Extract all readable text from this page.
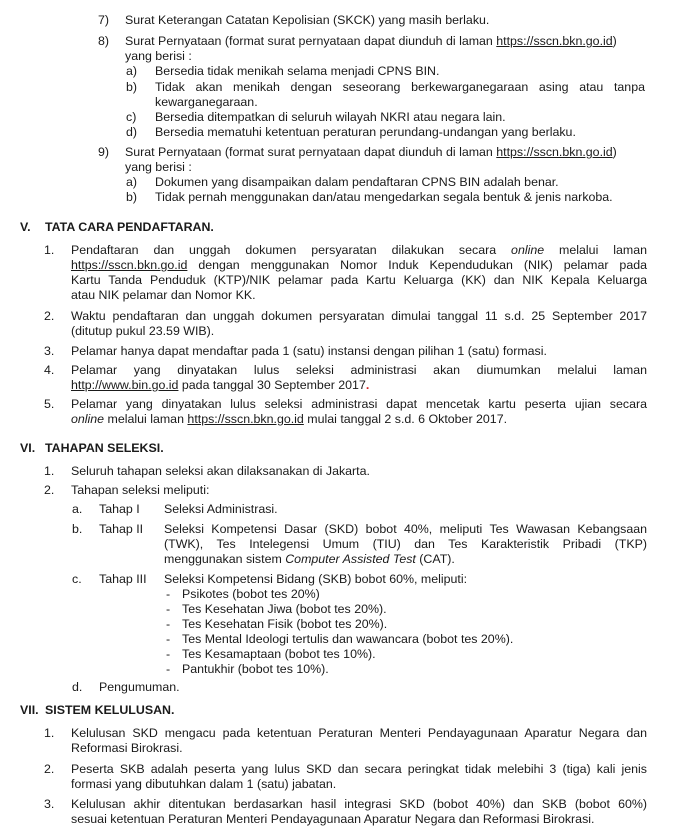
7) Surat Keterangan Catatan Kepolisian (SKCK) yang masih berlaku.
8) Surat Pernyataan (format surat pernyataan dapat diunduh di laman https://sscn.bkn.go.id)
yang berisi :
a) Bersedia tidak menikah selama menjadi CPNS BIN.
b) Tidak akan menikah dengan seseorang berkewarganegaraan asing atau tanpa
kewarganegaraan.
c) Bersedia ditempatkan di seluruh wilayah NKRI atau negara lain.
d) Bersedia mematuhi ketentuan peraturan perundang-undangan yang berlaku.
9) Surat Pernyataan (format surat pernyataan dapat diunduh di laman https://sscn.bkn.go.id)
yang berisi :
a) Dokumen yang disampaikan dalam pendaftaran CPNS BIN adalah benar.
b) Tidak pernah menggunakan dan/atau mengedarkan segala bentuk & jenis narkoba.
V. TATA CARA PENDAFTARAN.
1. Pendaftaran dan unggah dokumen persyaratan dilakukan secara online melalui laman
https://sscn.bkn.go.id dengan menggunakan Nomor Induk Kependudukan (NIK) pelamar pada
Kartu Tanda Penduduk (KTP)/NIK pelamar pada Kartu Keluarga (KK) dan NIK Kepala Keluarga
atau NIK pelamar dan Nomor KK.
2. Waktu pendaftaran dan unggah dokumen persyaratan dimulai tanggal 11 s.d. 25 September 2017
(ditutup pukul 23.59 WIB).
3. Pelamar hanya dapat mendaftar pada 1 (satu) instansi dengan pilihan 1 (satu) formasi.
4. Pelamar yang dinyatakan lulus seleksi administrasi akan diumumkan melalui laman
http://www.bin.go.id pada tanggal 30 September 2017.
5. Pelamar yang dinyatakan lulus seleksi administrasi dapat mencetak kartu peserta ujian secara
online melalui laman https://sscn.bkn.go.id mulai tanggal 2 s.d. 6 Oktober 2017.
VI. TAHAPAN SELEKSI.
1. Seluruh tahapan seleksi akan dilaksanakan di Jakarta.
2. Tahapan seleksi meliputi:
a. Tahap I Seleksi Administrasi.
b. Tahap II Seleksi Kompetensi Dasar (SKD) bobot 40%, meliputi Tes Wawasan Kebangsaan
(TWK), Tes Intelegensi Umum (TIU) dan Tes Karakteristik Pribadi (TKP)
menggunakan sistem Computer Assisted Test (CAT).
c. Tahap III Seleksi Kompetensi Bidang (SKB) bobot 60%, meliputi:
- Psikotes (bobot tes 20%)
- Tes Kesehatan Jiwa (bobot tes 20%).
- Tes Kesehatan Fisik (bobot tes 20%).
- Tes Mental Ideologi tertulis dan wawancara (bobot tes 20%).
- Tes Kesamaptaan (bobot tes 10%).
- Pantukhir (bobot tes 10%).
d. Pengumuman.
VII. SISTEM KELULUSAN.
1. Kelulusan SKD mengacu pada ketentuan Peraturan Menteri Pendayagunaan Aparatur Negara dan
Reformasi Birokrasi.
2. Peserta SKB adalah peserta yang lulus SKD dan secara peringkat tidak melebihi 3 (tiga) kali jenis
formasi yang dibutuhkan dalam 1 (satu) jabatan.
3. Kelulusan akhir ditentukan berdasarkan hasil integrasi SKD (bobot 40%) dan SKB (bobot 60%)
sesuai ketentuan Peraturan Menteri Pendayagunaan Aparatur Negara dan Reformasi Birokrasi.
